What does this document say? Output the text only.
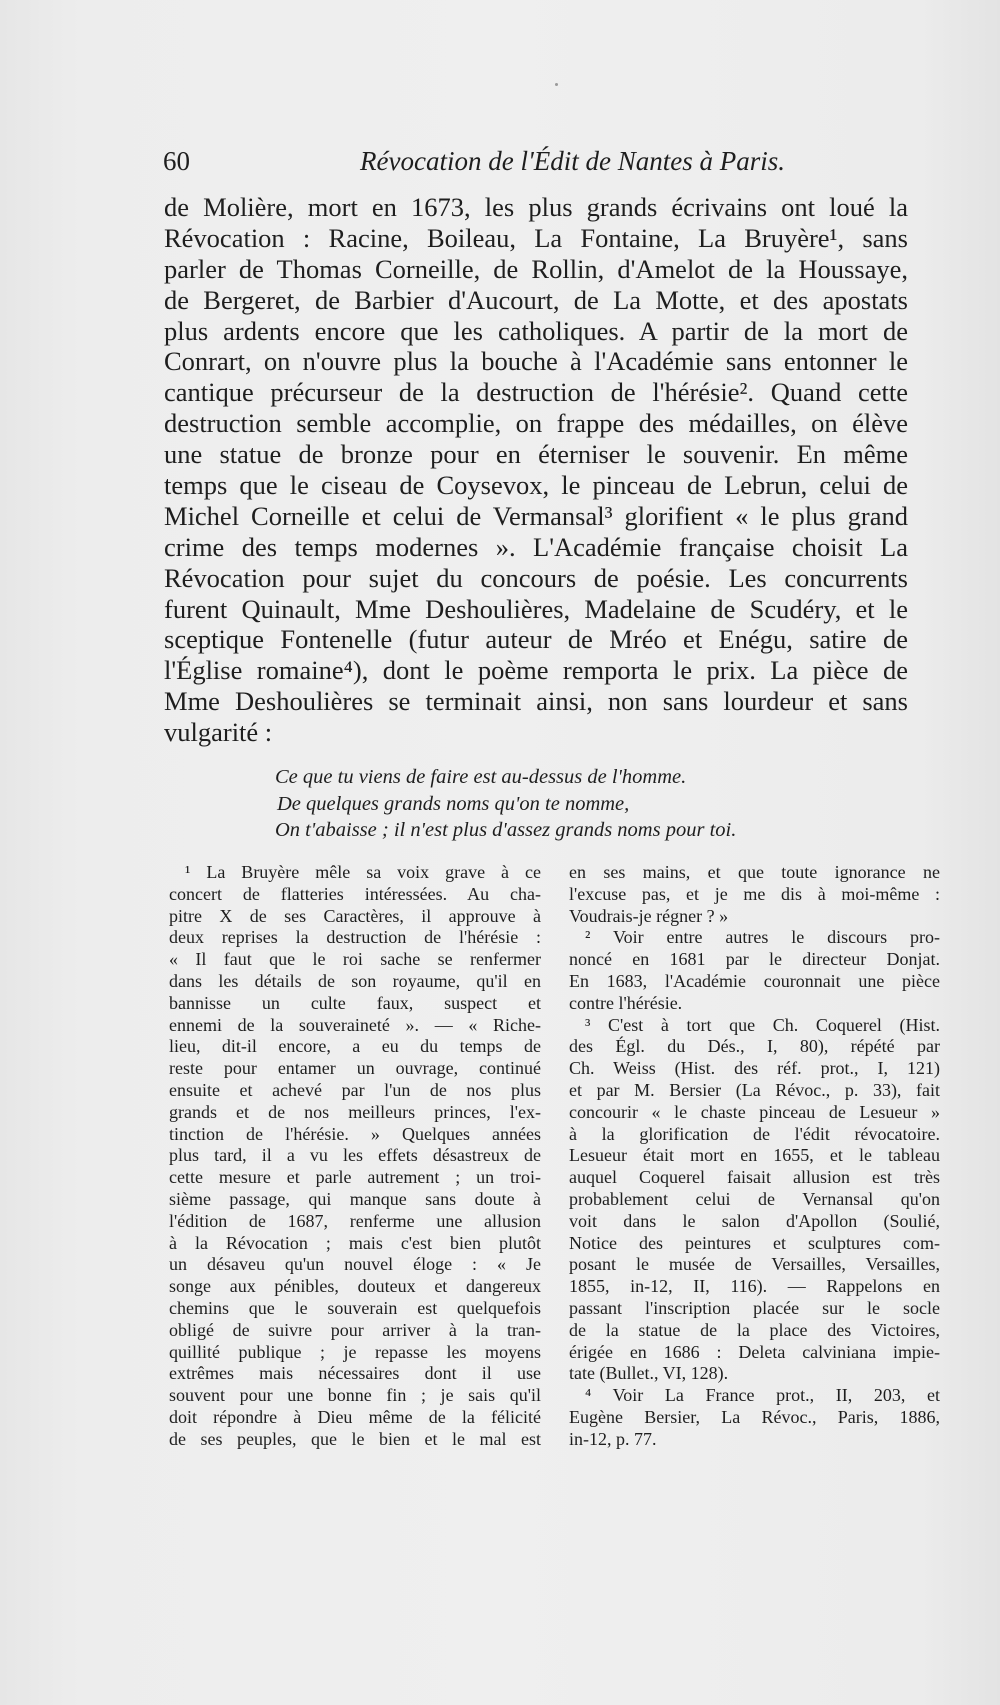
60	Révocation de l'Édit de Nantes à Paris.
de Molière, mort en 1673, les plus grands écrivains ont loué la
Révocation : Racine, Boileau, La Fontaine, La Bruyère¹, sans
parler de Thomas Corneille, de Rollin, d'Amelot de la Houssaye,
de Bergeret, de Barbier d'Aucourt, de La Motte, et des apostats
plus ardents encore que les catholiques. A partir de la mort de
Conrart, on n'ouvre plus la bouche à l'Académie sans entonner le
cantique précurseur de la destruction de l'hérésie². Quand cette
destruction semble accomplie, on frappe des médailles, on élève
une statue de bronze pour en éterniser le souvenir. En même
temps que le ciseau de Coysevox, le pinceau de Lebrun, celui de
Michel Corneille et celui de Vermansal³ glorifient « le plus grand
crime des temps modernes ». L'Académie française choisit La
Révocation pour sujet du concours de poésie. Les concurrents
furent Quinault, Mme Deshoulières, Madelaine de Scudéry, et le
sceptique Fontenelle (futur auteur de Mréo et Enégu, satire de
l'Église romaine⁴), dont le poème remporta le prix. La pièce de
Mme Deshoulières se terminait ainsi, non sans lourdeur et sans
vulgarité :
Ce que tu viens de faire est au-dessus de l'homme.
De quelques grands noms qu'on te nomme,
On t'abaisse ; il n'est plus d'assez grands noms pour toi.
¹ La Bruyère mêle sa voix grave à ce
concert de flatteries intéressées. Au cha-
pitre X de ses Caractères, il approuve à
deux reprises la destruction de l'hérésie :
« Il faut que le roi sache se renfermer
dans les détails de son royaume, qu'il en
bannisse un culte faux, suspect et
ennemi de la souveraineté ». — « Riche-
lieu, dit-il encore, a eu du temps de
reste pour entamer un ouvrage, continué
ensuite et achevé par l'un de nos plus
grands et de nos meilleurs princes, l'ex-
tinction de l'hérésie. » Quelques années
plus tard, il a vu les effets désastreux de
cette mesure et parle autrement ; un troi-
sième passage, qui manque sans doute à
l'édition de 1687, renferme une allusion
à la Révocation ; mais c'est bien plutôt
un désaveu qu'un nouvel éloge : « Je
songe aux pénibles, douteux et dangereux
chemins que le souverain est quelquefois
obligé de suivre pour arriver à la tran-
quillité publique ; je repasse les moyens
extrêmes mais nécessaires dont il use
souvent pour une bonne fin ; je sais qu'il
doit répondre à Dieu même de la félicité
de ses peuples, que le bien et le mal est
en ses mains, et que toute ignorance ne
l'excuse pas, et je me dis à moi-même :
Voudrais-je régner ? »
² Voir entre autres le discours pro-
noncé en 1681 par le directeur Donjat.
En 1683, l'Académie couronnait une pièce
contre l'hérésie.
³ C'est à tort que Ch. Coquerel (Hist.
des Égl. du Dés., I, 80), répété par
Ch. Weiss (Hist. des réf. prot., I, 121)
et par M. Bersier (La Révoc., p. 33), fait
concourir « le chaste pinceau de Lesueur »
à la glorification de l'édit révocatoire.
Lesueur était mort en 1655, et le tableau
auquel Coquerel faisait allusion est très
probablement celui de Vernansal qu'on
voit dans le salon d'Apollon (Soulié,
Notice des peintures et sculptures com-
posant le musée de Versailles, Versailles,
1855, in-12, II, 116). — Rappelons en
passant l'inscription placée sur le socle
de la statue de la place des Victoires,
érigée en 1686 : Deleta calviniana impie-
tate (Bullet., VI, 128).
⁴ Voir La France prot., II, 203, et
Eugène Bersier, La Révoc., Paris, 1886,
in-12, p. 77.
